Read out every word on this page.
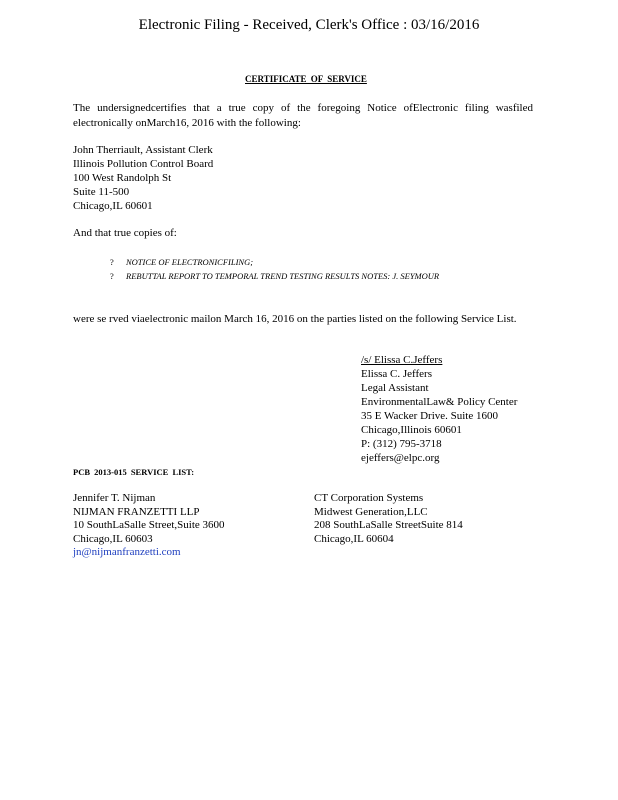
Electronic Filing - Received, Clerk's Office : 03/16/2016
CERTIFICATE OF SERVICE
The undersignedcertifies that a true copy of the foregoing Notice ofElectronic filing wasfiled electronically onMarch16, 2016 with the following:
John Therriault, Assistant Clerk
Illinois Pollution Control Board
100 West Randolph St
Suite 11-500
Chicago,IL 60601
And that true copies of:
?	NOTICE OF ELECTRONICFILING;
?	REBUTTAL REPORT TO TEMPORAL TREND TESTING RESULTS NOTES: J. SEYMOUR
were se rved viaelectronic mailon March 16, 2016 on the parties listed on the following Service List.
/s/ Elissa C.Jeffers
Elissa C. Jeffers
Legal Assistant
EnvironmentalLaw& Policy Center
35 E Wacker Drive. Suite 1600
Chicago,Illinois 60601
P: (312) 795-3718
ejeffers@elpc.org
PCB 2013-015 SERVICE LIST:
Jennifer T. Nijman
NIJMAN FRANZETTI LLP
10 SouthLaSalle Street,Suite 3600
Chicago,IL 60603
jn@nijmanfranzetti.com
CT Corporation Systems
Midwest Generation,LLC
208 SouthLaSalle StreetSuite 814
Chicago,IL 60604
